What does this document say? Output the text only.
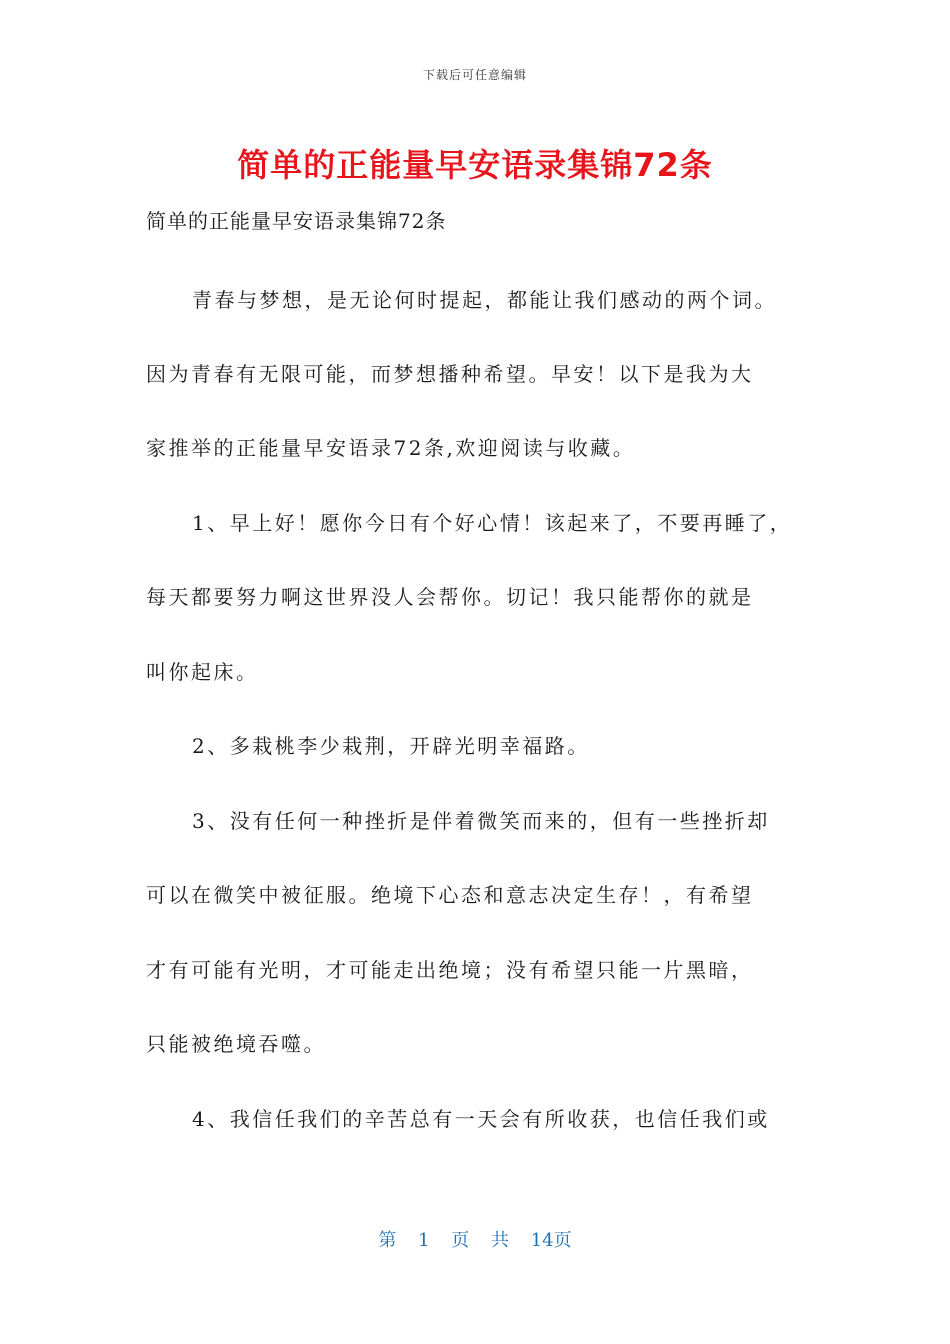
下载后可任意编辑
简单的正能量早安语录集锦72条
简单的正能量早安语录集锦72条
青春与梦想，是无论何时提起，都能让我们感动的两个词。
因为青春有无限可能，而梦想播种希望。早安！以下是我为大
家推举的正能量早安语录72条,欢迎阅读与收藏。
1、早上好！愿你今日有个好心情！该起来了，不要再睡了，
每天都要努力啊这世界没人会帮你。切记！我只能帮你的就是
叫你起床。
2、多栽桃李少栽荆，开辟光明幸福路。
3、没有任何一种挫折是伴着微笑而来的，但有一些挫折却
可以在微笑中被征服。绝境下心态和意志决定生存！，有希望
才有可能有光明，才可能走出绝境；没有希望只能一片黑暗，
只能被绝境吞噬。
4、我信任我们的辛苦总有一天会有所收获，也信任我们或
第 1 页 共 14页
